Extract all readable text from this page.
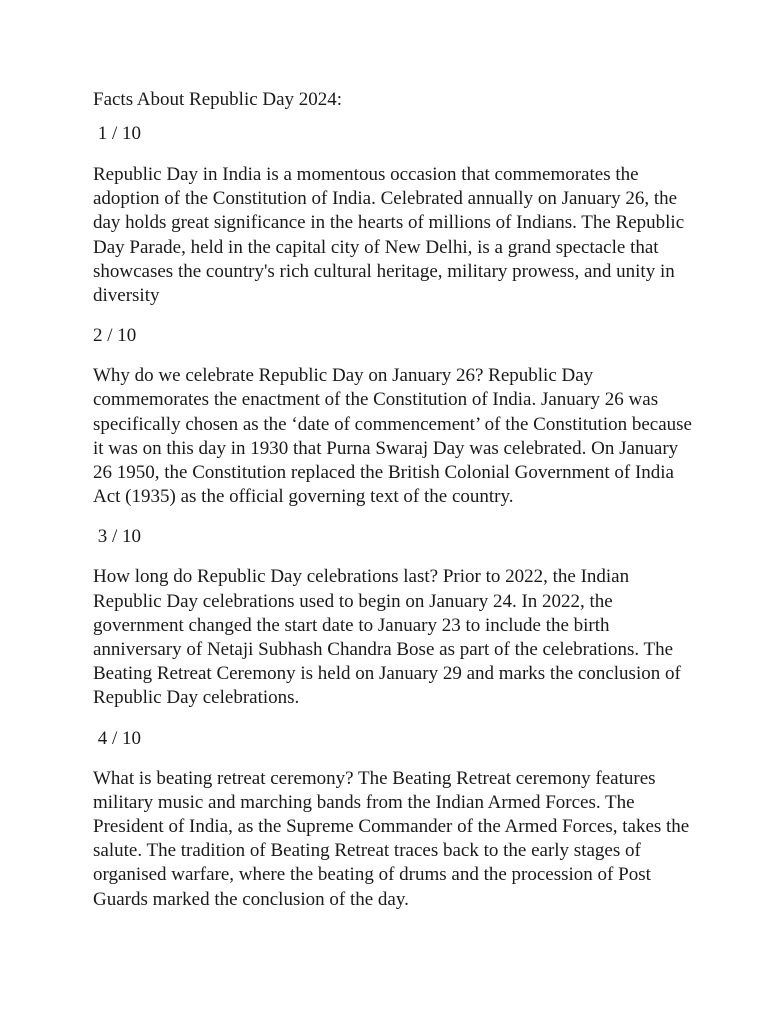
Facts About Republic Day 2024:

1 / 10

Republic Day in India is a momentous occasion that commemorates the adoption of the Constitution of India. Celebrated annually on January 26, the day holds great significance in the hearts of millions of Indians. The Republic Day Parade, held in the capital city of New Delhi, is a grand spectacle that showcases the country's rich cultural heritage, military prowess, and unity in diversity

2 / 10

Why do we celebrate Republic Day on January 26? Republic Day commemorates the enactment of the Constitution of India. January 26 was specifically chosen as the ‘date of commencement’ of the Constitution because it was on this day in 1930 that Purna Swaraj Day was celebrated. On January 26 1950, the Constitution replaced the British Colonial Government of India Act (1935) as the official governing text of the country.

3 / 10

How long do Republic Day celebrations last? Prior to 2022, the Indian Republic Day celebrations used to begin on January 24. In 2022, the government changed the start date to January 23 to include the birth anniversary of Netaji Subhash Chandra Bose as part of the celebrations. The Beating Retreat Ceremony is held on January 29 and marks the conclusion of Republic Day celebrations.

4 / 10

What is beating retreat ceremony? The Beating Retreat ceremony features military music and marching bands from the Indian Armed Forces. The President of India, as the Supreme Commander of the Armed Forces, takes the salute. The tradition of Beating Retreat traces back to the early stages of organised warfare, where the beating of drums and the procession of Post Guards marked the conclusion of the day.
